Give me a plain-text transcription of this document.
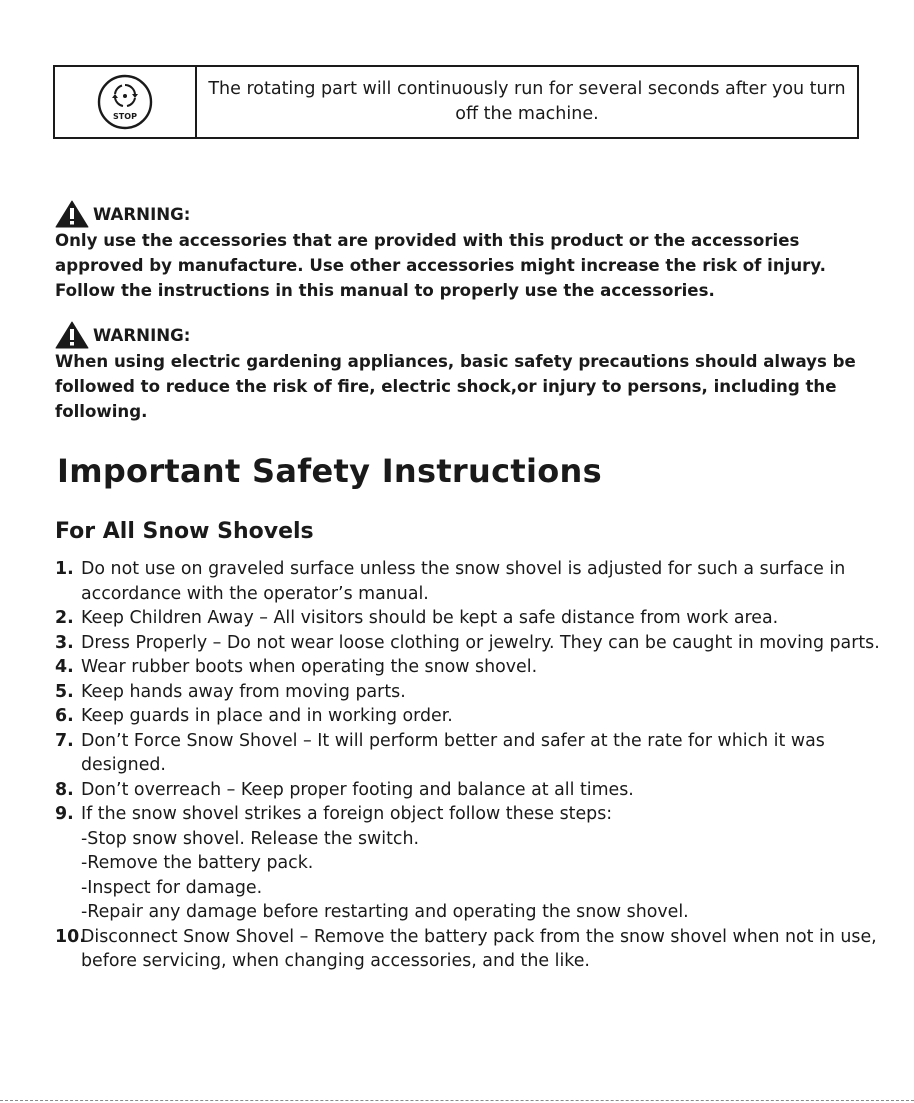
STOP
The rotating part will continuously run for several seconds after you turn off the machine.
WARNING:
Only use the accessories that are provided with this product or the accessories approved by manufacture. Use other accessories might increase the risk of injury. Follow the instructions in this manual to properly use the accessories.
WARNING:
When using electric gardening appliances, basic safety precautions should always be followed to reduce the risk of fire, electric shock,or injury to persons, including the following.
Important Safety Instructions
For All Snow Shovels
1. Do not use on graveled surface unless the snow shovel is adjusted for such a surface in accordance with the operator’s manual.
2. Keep Children Away – All visitors should be kept a safe distance from work area.
3. Dress Properly – Do not wear loose clothing or jewelry. They can be caught in moving parts.
4. Wear rubber boots when operating the snow shovel.
5. Keep hands away from moving parts.
6. Keep guards in place and in working order.
7. Don’t Force Snow Shovel – It will perform better and safer at the rate for which it was designed.
8. Don’t overreach – Keep proper footing and balance at all times.
9. If the snow shovel strikes a foreign object follow these steps:
-Stop snow shovel. Release the switch.
-Remove the battery pack.
-Inspect for damage.
-Repair any damage before restarting and operating the snow shovel.
10.
Disconnect Snow Shovel – Remove the battery pack from the snow shovel when not in use, before servicing, when changing accessories, and the like.
